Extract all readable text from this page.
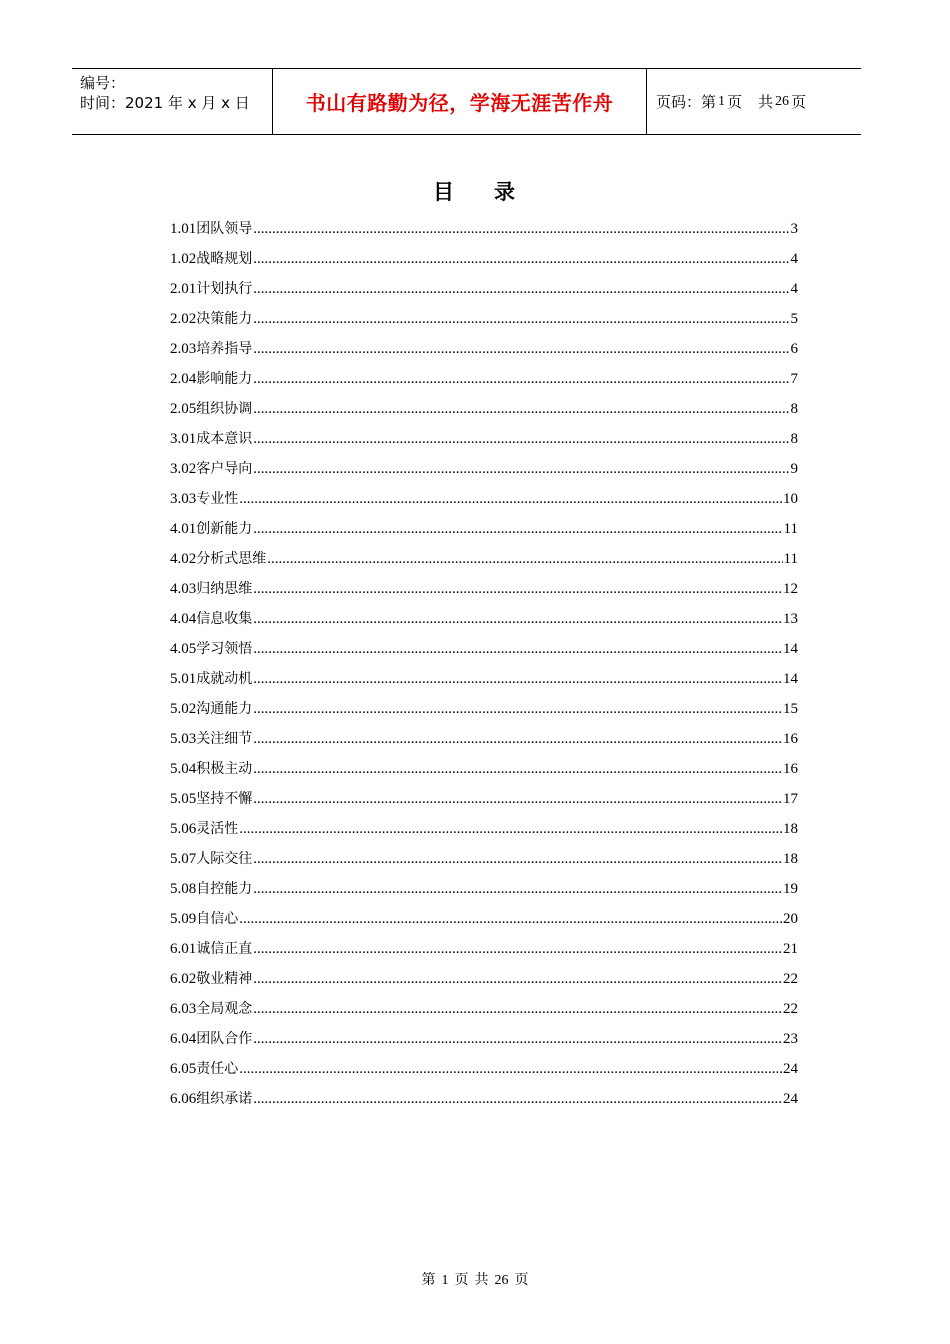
编号：
时间：2021 年 x 月 x 日	书山有路勤为径，学海无涯苦作舟	页码：第 1 页 共 26 页
目 录
1.01团队领导 .....	3
1.02战略规划 .....	4
2.01计划执行 .....	4
2.02决策能力 .....	5
2.03培养指导 .....	6
2.04影响能力 .....	7
2.05组织协调 .....	8
3.01成本意识 .....	8
3.02客户导向 .....	9
3.03专业性 .....	10
4.01创新能力 .....	11
4.02分析式思维 .....	11
4.03归纳思维 .....	12
4.04信息收集 .....	13
4.05学习领悟 .....	14
5.01成就动机 .....	14
5.02沟通能力 .....	15
5.03关注细节 .....	16
5.04积极主动 .....	16
5.05坚持不懈 .....	17
5.06灵活性 .....	18
5.07人际交往 .....	18
5.08自控能力 .....	19
5.09自信心 .....	20
6.01诚信正直 .....	21
6.02敬业精神 .....	22
6.03全局观念 .....	22
6.04团队合作 .....	23
6.05责任心 .....	24
6.06组织承诺 .....	24
第 1 页 共 26 页
